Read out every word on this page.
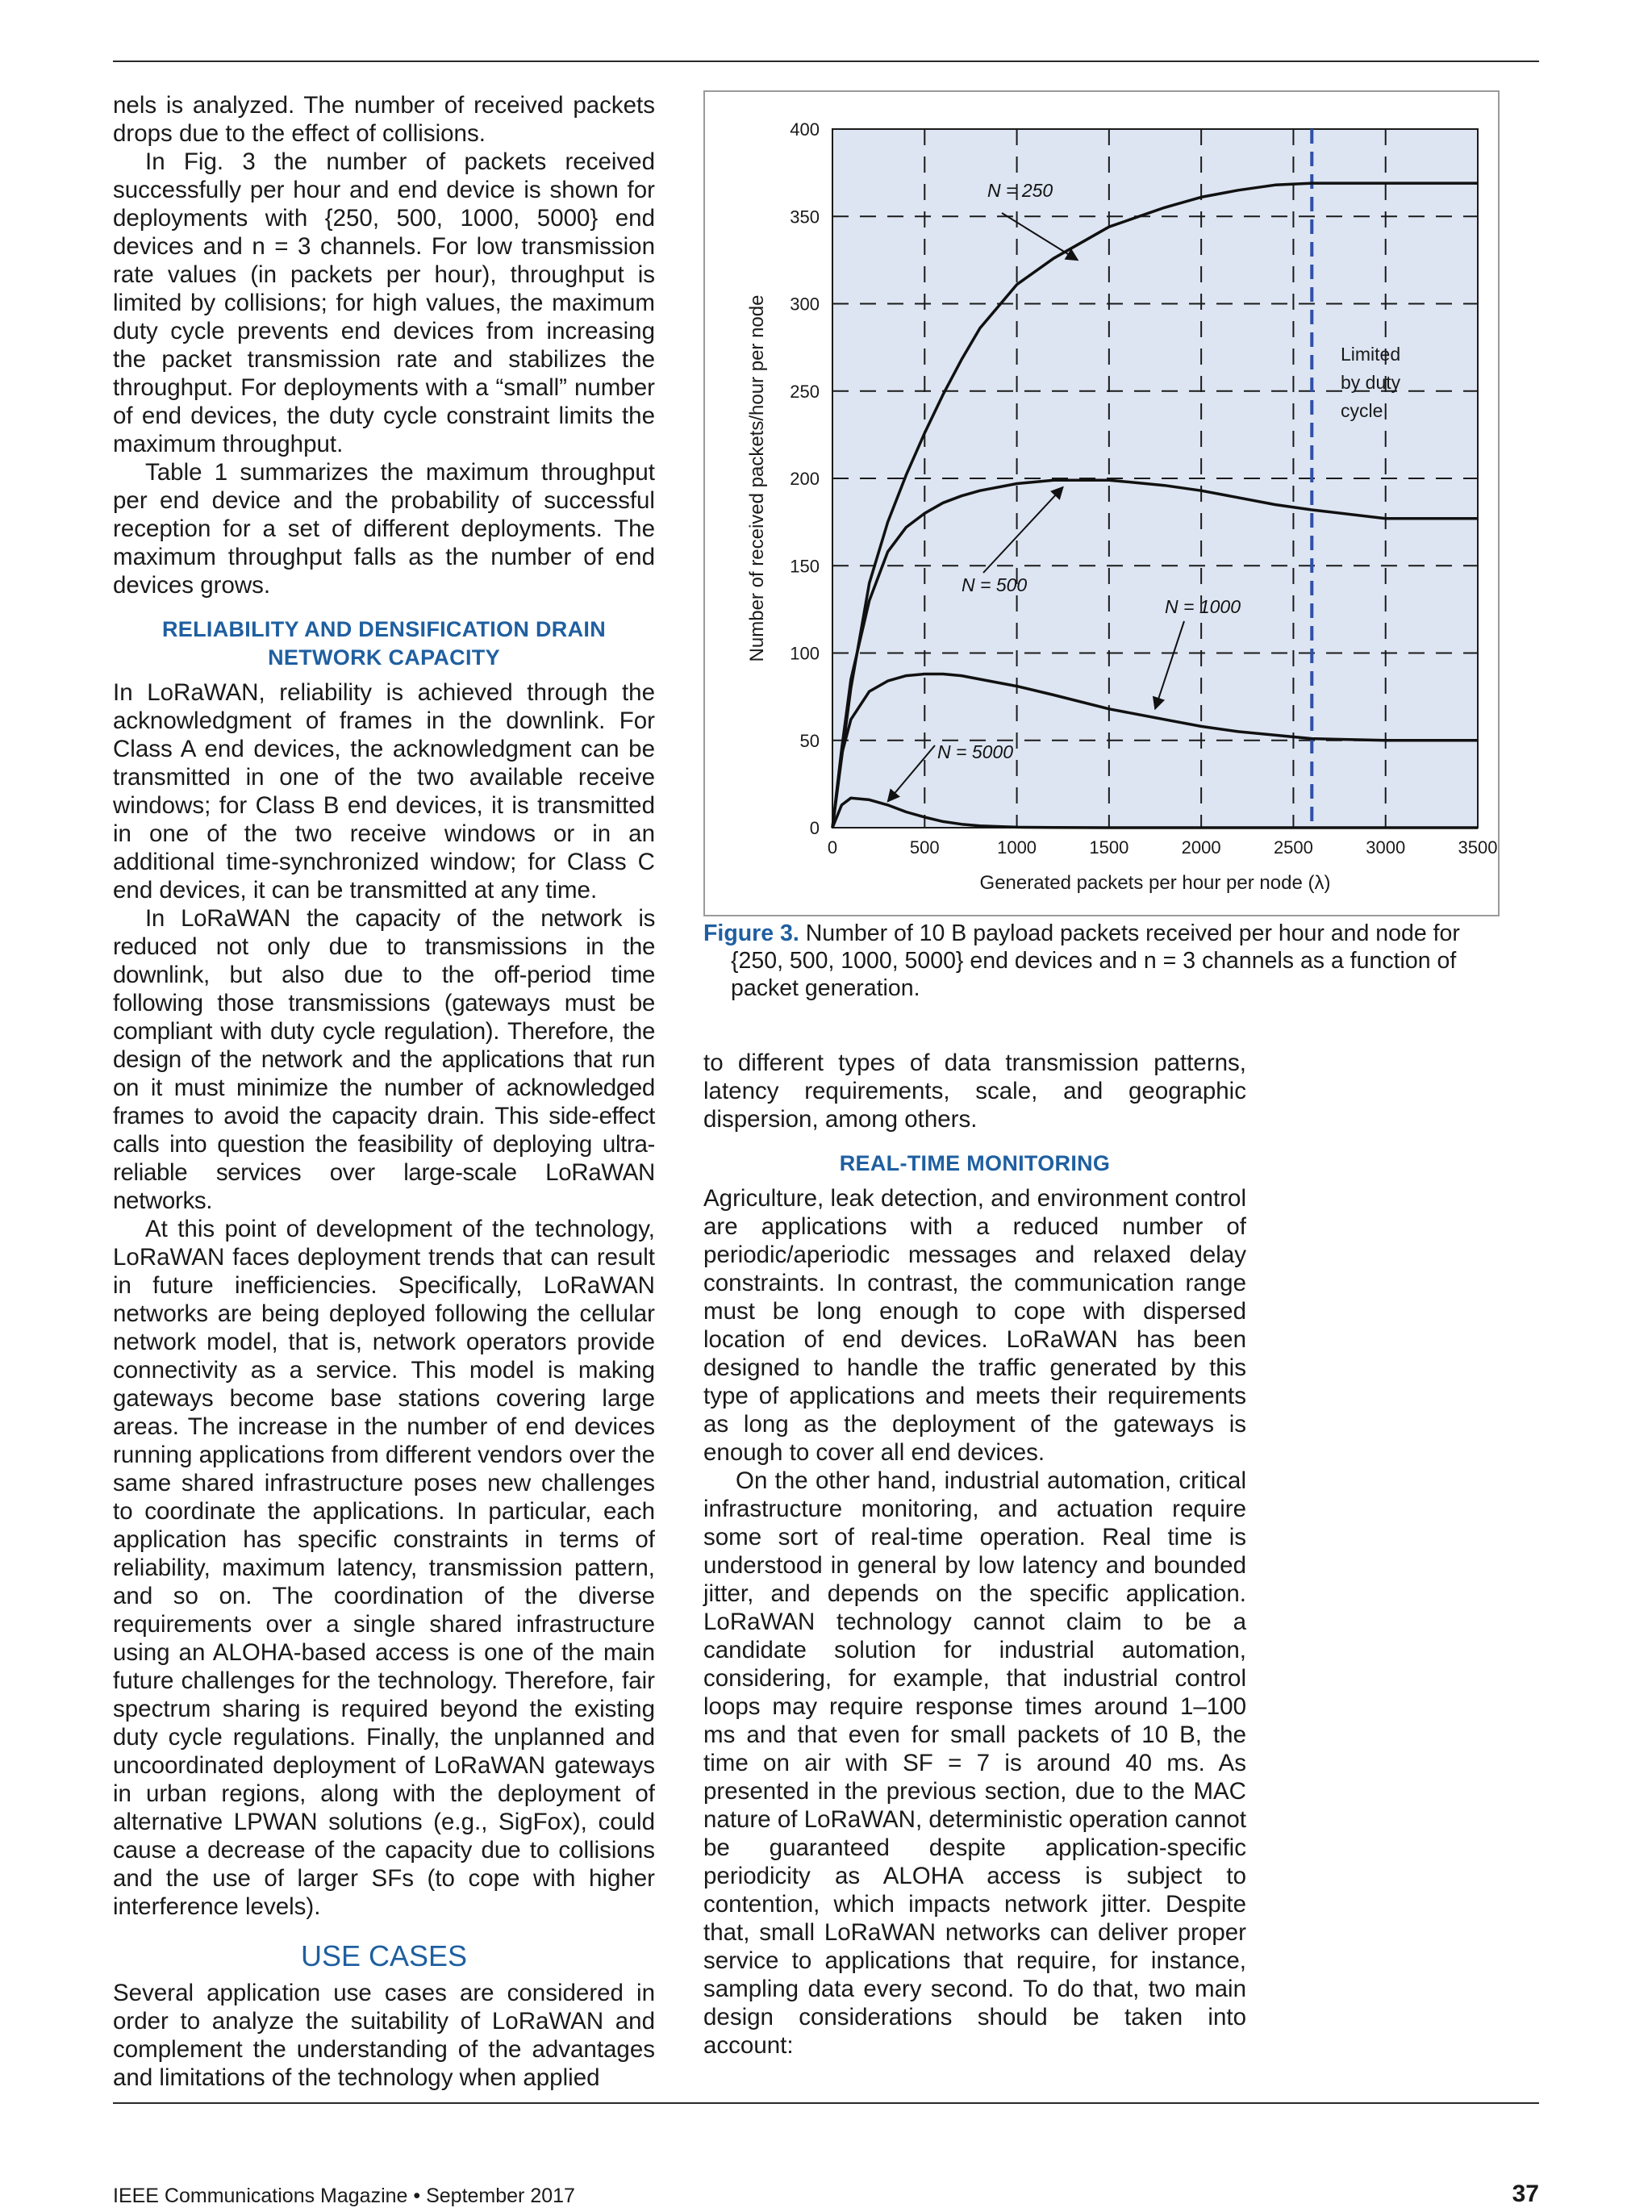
nels is analyzed. The number of received packets drops due to the effect of collisions.

In Fig. 3 the number of packets received successfully per hour and end device is shown for deployments with {250, 500, 1000, 5000} end devices and n = 3 channels. For low transmission rate values (in packets per hour), throughput is limited by collisions; for high values, the maximum duty cycle prevents end devices from increasing the packet transmission rate and stabilizes the throughput. For deployments with a “small” number of end devices, the duty cycle constraint limits the maximum throughput.

Table 1 summarizes the maximum throughput per end device and the probability of successful reception for a set of different deployments. The maximum throughput falls as the number of end devices grows.

RELIABILITY AND DENSIFICATION DRAIN
NETWORK CAPACITY

In LoRaWAN, reliability is achieved through the acknowledgment of frames in the downlink. For Class A end devices, the acknowledgment can be transmitted in one of the two available receive windows; for Class B end devices, it is transmitted in one of the two receive windows or in an additional time-synchronized window; for Class C end devices, it can be transmitted at any time.

In LoRaWAN the capacity of the network is reduced not only due to transmissions in the downlink, but also due to the off-period time following those transmissions (gateways must be compliant with duty cycle regulation). Therefore, the design of the network and the applications that run on it must minimize the number of acknowledged frames to avoid the capacity drain. This side-effect calls into question the feasibility of deploying ultra-reliable services over large-scale LoRaWAN networks.

At this point of development of the technology, LoRaWAN faces deployment trends that can result in future inefficiencies. Specifically, LoRaWAN networks are being deployed following the cellular network model, that is, network operators provide connectivity as a service. This model is making gateways become base stations covering large areas. The increase in the number of end devices running applications from different vendors over the same shared infrastructure poses new challenges to coordinate the applications. In particular, each application has specific constraints in terms of reliability, maximum latency, transmission pattern, and so on. The coordination of the diverse requirements over a single shared infrastructure using an ALOHA-based access is one of the main future challenges for the technology. Therefore, fair spectrum sharing is required beyond the existing duty cycle regulations. Finally, the unplanned and uncoordinated deployment of LoRaWAN gateways in urban regions, along with the deployment of alternative LPWAN solutions (e.g., SigFox), could cause a decrease of the capacity due to collisions and the use of larger SFs (to cope with higher interference levels).

USE CASES

Several application use cases are considered in order to analyze the suitability of LoRaWAN and complement the understanding of the advantages and limitations of the technology when applied

0
50
100
150
200
250
300
350
400
0	500	1000	1500	2000	2500	3000	3500
Generated packets per hour per node (λ)
Number of received packets/hour per node
N = 250
N = 500
N = 1000
N = 5000
Limited
by duty
cycle
Figure 3. Number of 10 B payload packets received per hour and node for
{250, 500, 1000, 5000} end devices and n = 3 channels as a function of packet generation.

to different types of data transmission patterns, latency requirements, scale, and geographic dispersion, among others.

REAL-TIME MONITORING

Agriculture, leak detection, and environment control are applications with a reduced number of periodic/aperiodic messages and relaxed delay constraints. In contrast, the communication range must be long enough to cope with dispersed location of end devices. LoRaWAN has been designed to handle the traffic generated by this type of applications and meets their requirements as long as the deployment of the gateways is enough to cover all end devices.

On the other hand, industrial automation, critical infrastructure monitoring, and actuation require some sort of real-time operation. Real time is understood in general by low latency and bounded jitter, and depends on the specific application. LoRaWAN technology cannot claim to be a candidate solution for industrial automation, considering, for example, that industrial control loops may require response times around 1–100 ms and that even for small packets of 10 B, the time on air with SF = 7 is around 40 ms. As presented in the previous section, due to the MAC nature of LoRaWAN, deterministic operation cannot be guaranteed despite application-specific periodicity as ALOHA access is subject to contention, which impacts network jitter. Despite that, small LoRaWAN networks can deliver proper service to applications that require, for instance, sampling data every second. To do that, two main design considerations should be taken into account:

IEEE Communications Magazine • September 2017	37
